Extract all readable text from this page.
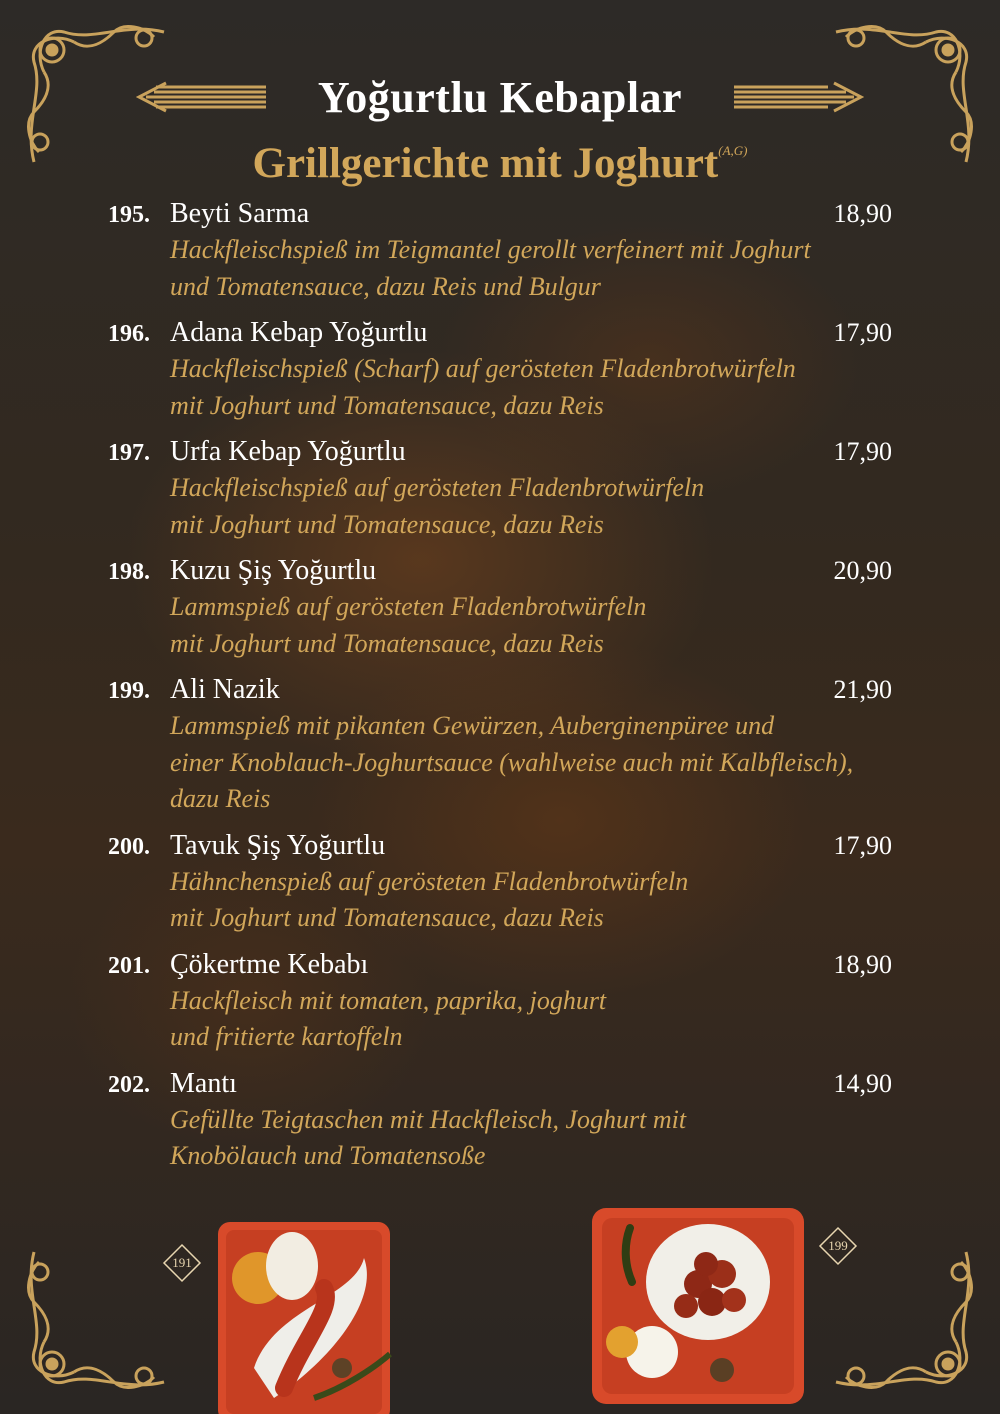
Yoğurtlu Kebaplar
Grillgerichte mit Joghurt$^{(A,G)}$
195. Beyti Sarma	18,90
Hackfleischspieß im Teigmantel gerollt verfeinert mit Joghurt
und Tomatensauce, dazu Reis und Bulgur
196. Adana Kebap Yoğurtlu	17,90
Hackfleischspieß (Scharf) auf gerösteten Fladenbrotwürfeln
mit Joghurt und Tomatensauce, dazu Reis
197. Urfa Kebap Yoğurtlu	17,90
Hackfleischspieß auf gerösteten Fladenbrotwürfeln
mit Joghurt und Tomatensauce, dazu Reis
198. Kuzu Şiş Yoğurtlu	20,90
Lammspieß auf gerösteten Fladenbrotwürfeln
mit Joghurt und Tomatensauce, dazu Reis
199. Ali Nazik	21,90
Lammspieß mit pikanten Gewürzen, Auberginenpüree und
einer Knoblauch-Joghurtsauce (wahlweise auch mit Kalbfleisch),
dazu Reis
200. Tavuk Şiş Yoğurtlu	17,90
Hähnchenspieß auf gerösteten Fladenbrotwürfeln
mit Joghurt und Tomatensauce, dazu Reis
201. Çökertme Kebabı	18,90
Hackfleisch mit tomaten, paprika, joghurt
und fritierte kartoffeln
202. Mantı	14,90
Gefüllte Teigtaschen mit Hackfleisch, Joghurt mit
Knobölauch und Tomatensoße
191
199
